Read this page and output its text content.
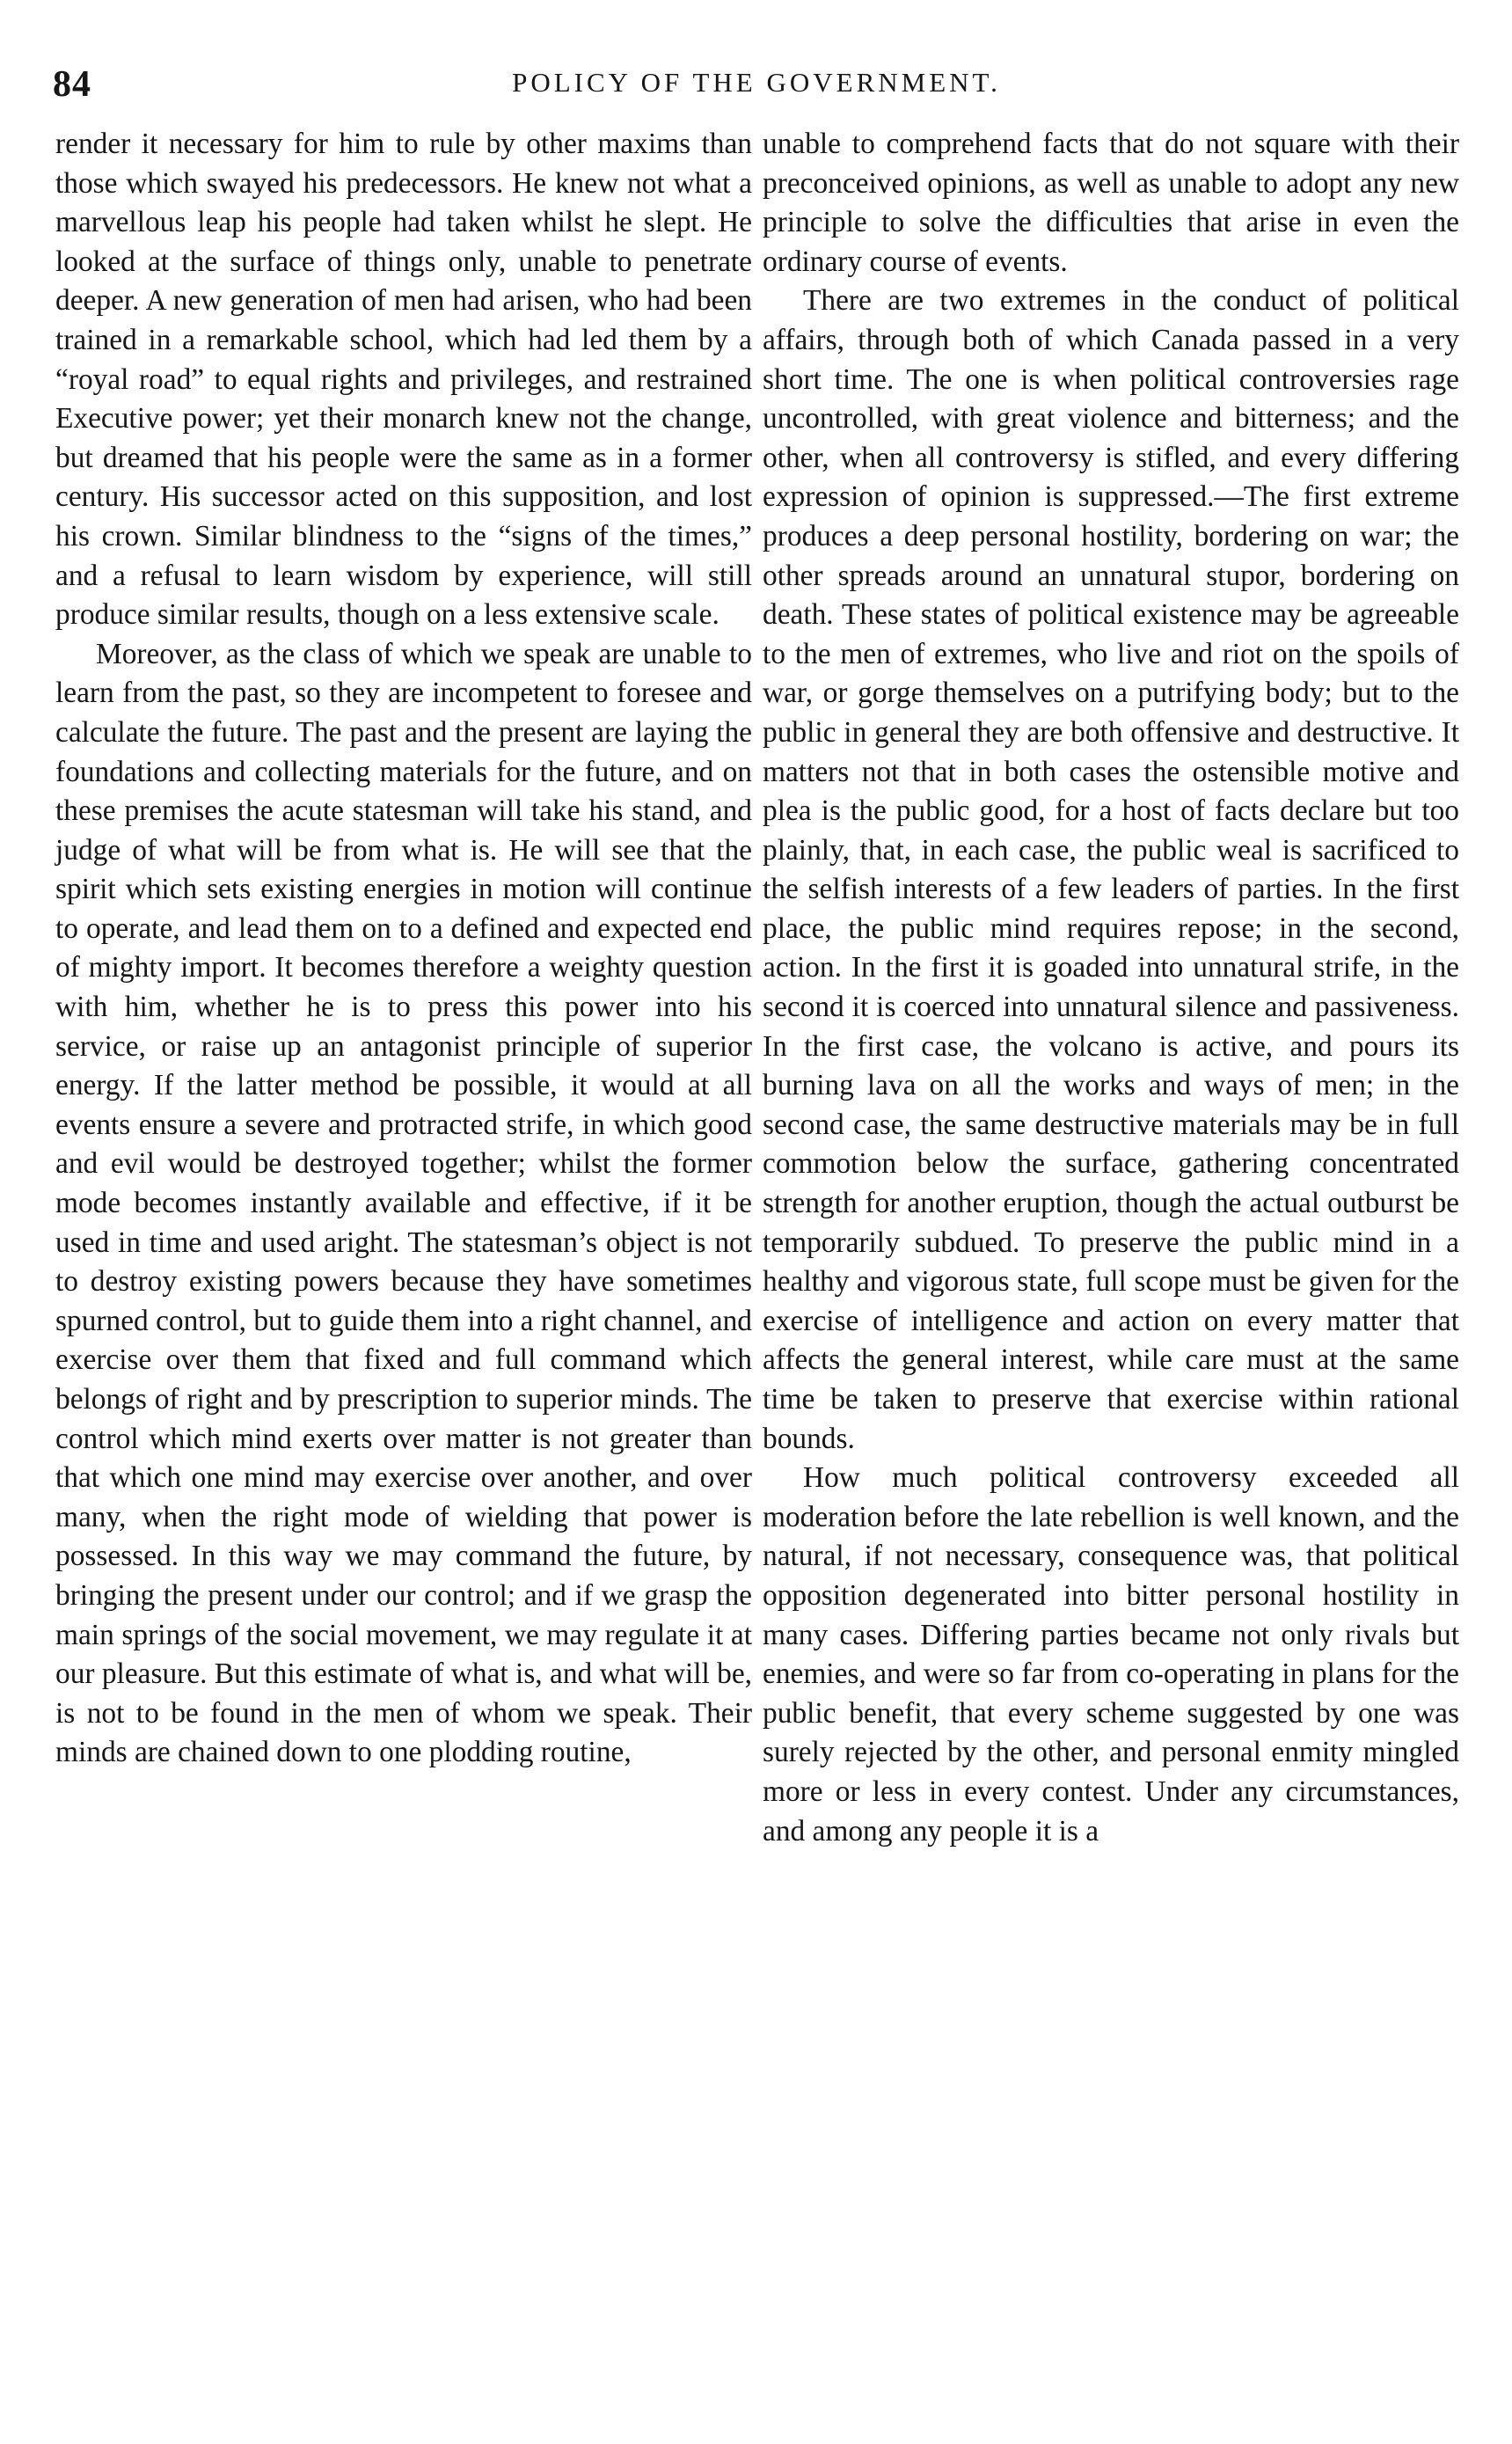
84	POLICY OF THE GOVERNMENT.

render it necessary for him to rule by other maxims than those which swayed his predecessors. He knew not what a marvellous leap his people had taken whilst he slept. He looked at the surface of things only, unable to penetrate deeper. A new generation of men had arisen, who had been trained in a remarkable school, which had led them by a “royal road” to equal rights and privileges, and restrained Executive power; yet their monarch knew not the change, but dreamed that his people were the same as in a former century. His successor acted on this supposition, and lost his crown. Similar blindness to the “signs of the times,” and a refusal to learn wisdom by experience, will still produce similar results, though on a less extensive scale.

Moreover, as the class of which we speak are unable to learn from the past, so they are incompetent to foresee and calculate the future. The past and the present are laying the foundations and collecting materials for the future, and on these premises the acute statesman will take his stand, and judge of what will be from what is. He will see that the spirit which sets existing energies in motion will continue to operate, and lead them on to a defined and expected end of mighty import. It becomes therefore a weighty question with him, whether he is to press this power into his service, or raise up an antagonist principle of superior energy. If the latter method be possible, it would at all events ensure a severe and protracted strife, in which good and evil would be destroyed together; whilst the former mode becomes instantly available and effective, if it be used in time and used aright. The statesman’s object is not to destroy existing powers because they have sometimes spurned control, but to guide them into a right channel, and exercise over them that fixed and full command which belongs of right and by prescription to superior minds. The control which mind exerts over matter is not greater than that which one mind may exercise over another, and over many, when the right mode of wielding that power is possessed. In this way we may command the future, by bringing the present under our control; and if we grasp the main springs of the social movement, we may regulate it at our pleasure. But this estimate of what is, and what will be, is not to be found in the men of whom we speak. Their minds are chained down to one plodding routine,

unable to comprehend facts that do not square with their preconceived opinions, as well as unable to adopt any new principle to solve the difficulties that arise in even the ordinary course of events.

There are two extremes in the conduct of political affairs, through both of which Canada passed in a very short time. The one is when political controversies rage uncontrolled, with great violence and bitterness; and the other, when all controversy is stifled, and every differing expression of opinion is suppressed.—The first extreme produces a deep personal hostility, bordering on war; the other spreads around an unnatural stupor, bordering on death. These states of political existence may be agreeable to the men of extremes, who live and riot on the spoils of war, or gorge themselves on a putrifying body; but to the public in general they are both offensive and destructive. It matters not that in both cases the ostensible motive and plea is the public good, for a host of facts declare but too plainly, that, in each case, the public weal is sacrificed to the selfish interests of a few leaders of parties. In the first place, the public mind requires repose; in the second, action. In the first it is goaded into unnatural strife, in the second it is coerced into unnatural silence and passiveness. In the first case, the volcano is active, and pours its burning lava on all the works and ways of men; in the second case, the same destructive materials may be in full commotion below the surface, gathering concentrated strength for another eruption, though the actual outburst be temporarily subdued. To preserve the public mind in a healthy and vigorous state, full scope must be given for the exercise of intelligence and action on every matter that affects the general interest, while care must at the same time be taken to preserve that exercise within rational bounds.

How much political controversy exceeded all moderation before the late rebellion is well known, and the natural, if not necessary, consequence was, that political opposition degenerated into bitter personal hostility in many cases. Differing parties became not only rivals but enemies, and were so far from co-operating in plans for the public benefit, that every scheme suggested by one was surely rejected by the other, and personal enmity mingled more or less in every contest. Under any circumstances, and among any people it is a
